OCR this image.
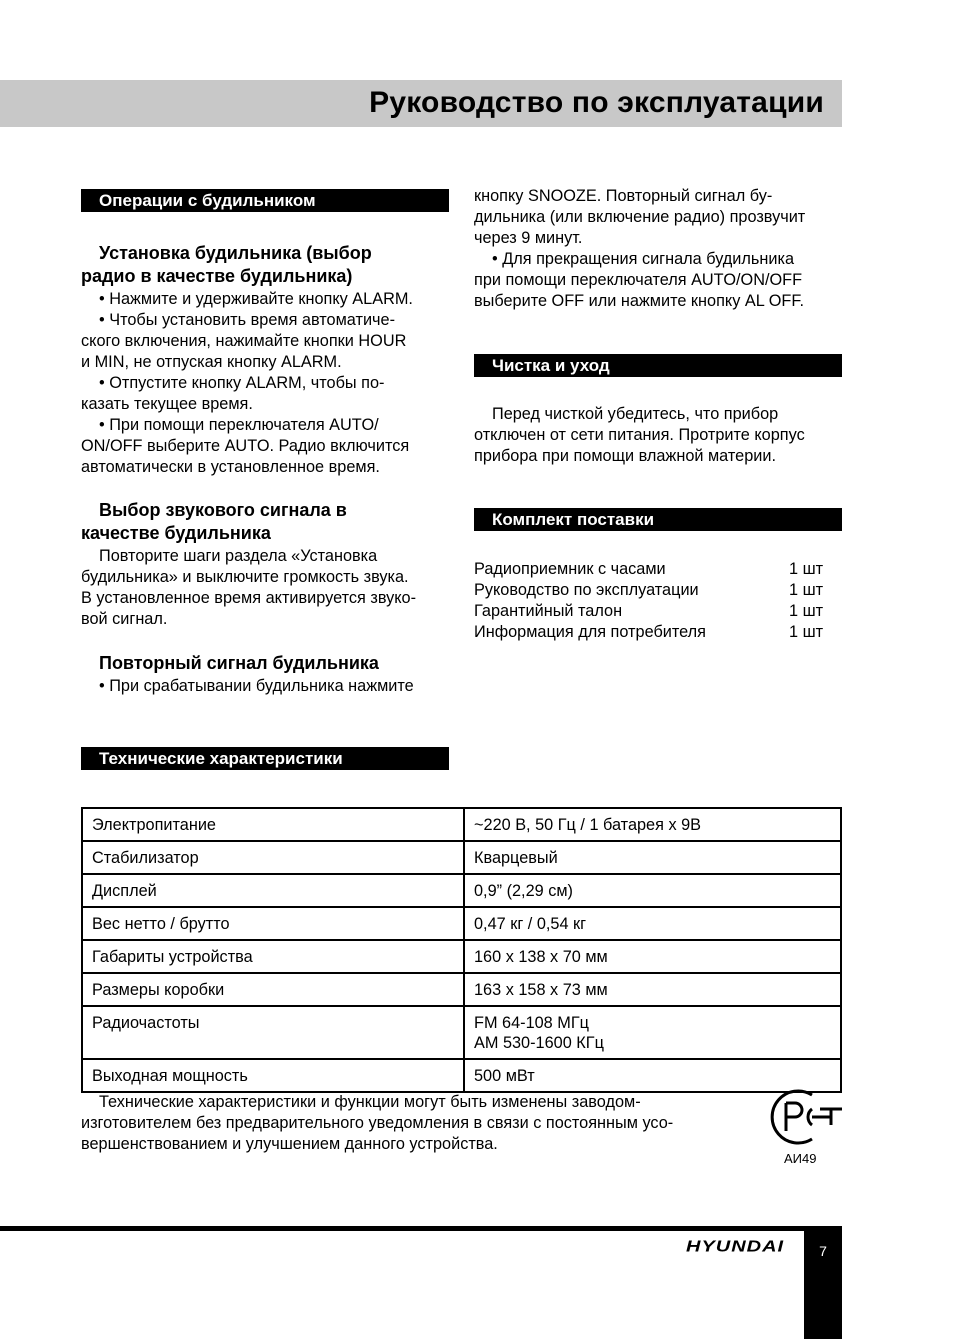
Руководство по эксплуатации
Операции с будильником
Установка будильника (выбор
радио в качестве будильника)

• Нажмите и удерживайте кнопку ALARM.

• Чтобы установить время автоматиче-

ского включения, нажимайте кнопки HOUR

и MIN, не отпуская кнопку ALARM.

• Отпустите кнопку ALARM, чтобы по-

казать текущее время.

• При помощи переключателя AUTO/

ON/OFF выберите AUTO. Радио включится

автоматически в установленное время.

Выбор звукового сигнала в
качестве будильника

Повторите шаги раздела «Установка

будильника» и выключите громкость звука.

В установленное время активируется звуко-

вой сигнал.

Повторный сигнал будильника

• При срабатывании будильника нажмите

кнопку SNOOZE. Повторный сигнал бу-

дильника (или включение радио) прозвучит

через 9 минут.

• Для прекращения сигнала будильника

при помощи переключателя AUTO/ON/OFF

выберите OFF или нажмите кнопку AL OFF.

Чистка и уход

Перед чисткой убедитесь, что прибор

отключен от сети питания. Протрите корпус

прибора при помощи влажной материи.

Комплект поставки
Радиоприемник с часами	1 шт
Руководство по эксплуатации	1 шт
Гарантийный талон	1 шт
Информация для потребителя	1 шт
Технические характеристики
Электропитание	~220 В, 50 Гц / 1 батарея х 9В
Стабилизатор	Кварцевый
Дисплей	0,9” (2,29 см)
Вес нетто / брутто	0,47 кг / 0,54 кг
Габариты устройства	160 х 138 х 70 мм
Размеры коробки	163 х 158 х 73 мм
Радиочастоты	FM 64-108 МГц
AM 530-1600 КГц

Выходная мощность	500 мВт

Технические характеристики и функции могут быть изменены заводом-

изготовителем без предварительного уведомления в связи с постоянным усо-

вершенствованием и улучшением данного устройства.

АИ49
7
HYUNDAI
